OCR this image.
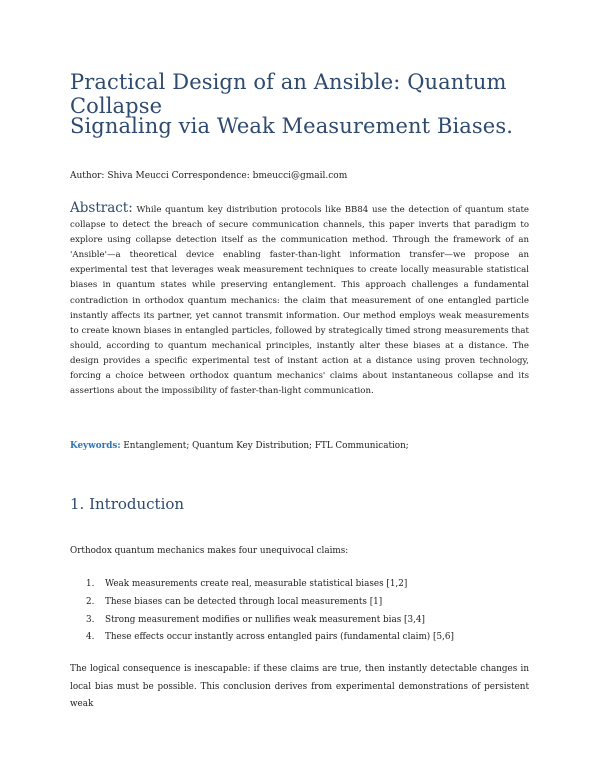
Practical Design of an Ansible: Quantum Collapse
Signaling via Weak Measurement Biases.
Author: Shiva Meucci Correspondence: bmeucci@gmail.com

Abstract: While quantum key distribution protocols like BB84 use the detection of quantum state collapse to detect the breach of secure communication channels, this paper inverts that paradigm to explore using collapse detection itself as the communication method. Through the framework of an 'Ansible'—a theoretical device enabling faster-than-light information transfer—we propose an experimental test that leverages weak measurement techniques to create locally measurable statistical biases in quantum states while preserving entanglement. This approach challenges a fundamental contradiction in orthodox quantum mechanics: the claim that measurement of one entangled particle instantly affects its partner, yet cannot transmit information. Our method employs weak measurements to create known biases in entangled particles, followed by strategically timed strong measurements that should, according to quantum mechanical principles, instantly alter these biases at a distance. The design provides a specific experimental test of instant action at a distance using proven technology, forcing a choice between orthodox quantum mechanics' claims about instantaneous collapse and its assertions about the impossibility of faster-than-light communication.

Keywords: Entanglement; Quantum Key Distribution; FTL Communication;
1. Introduction

Orthodox quantum mechanics makes four unequivocal claims:

1. Weak measurements create real, measurable statistical biases [1,2]
2. These biases can be detected through local measurements [1]
3. Strong measurement modifies or nullifies weak measurement bias [3,4]
4. These effects occur instantly across entangled pairs (fundamental claim) [5,6]

The logical consequence is inescapable: if these claims are true, then instantly detectable changes in local bias must be possible. This conclusion derives from experimental demonstrations of persistent weak
